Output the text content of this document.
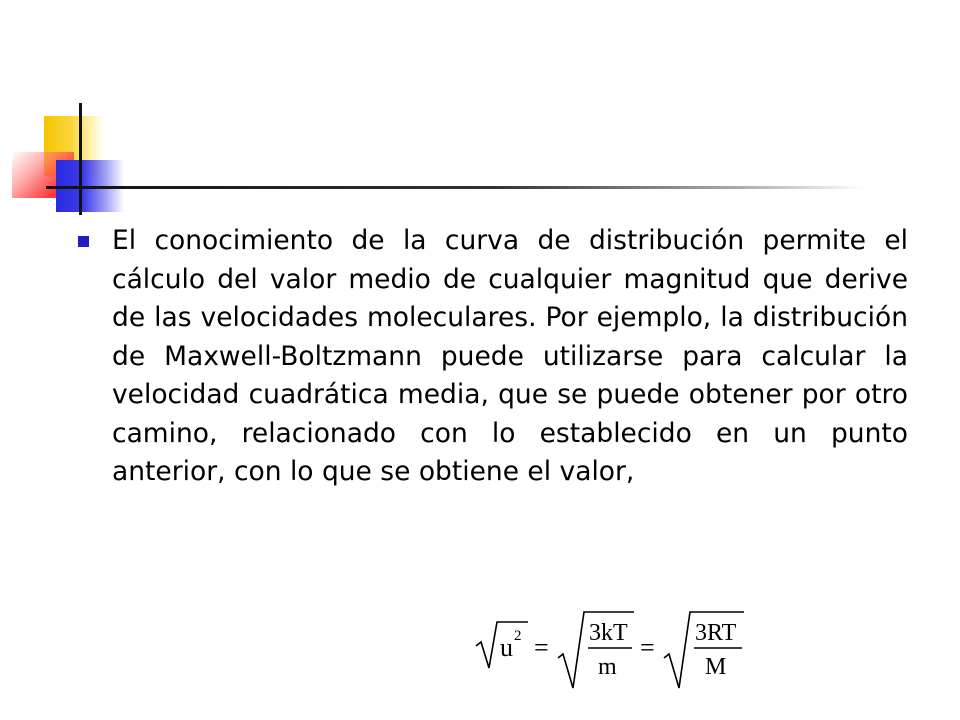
El conocimiento de la curva de distribución permite el cálculo del valor medio de cualquier magnitud que derive de las velocidades moleculares. Por ejemplo, la distribución de Maxwell-Boltzmann puede utilizarse para calcular la velocidad cuadrática media, que se puede obtener por otro camino, relacionado con lo establecido en un punto anterior, con lo que se obtiene el valor,

u 2 = 3kT
m
= 3RT
M
